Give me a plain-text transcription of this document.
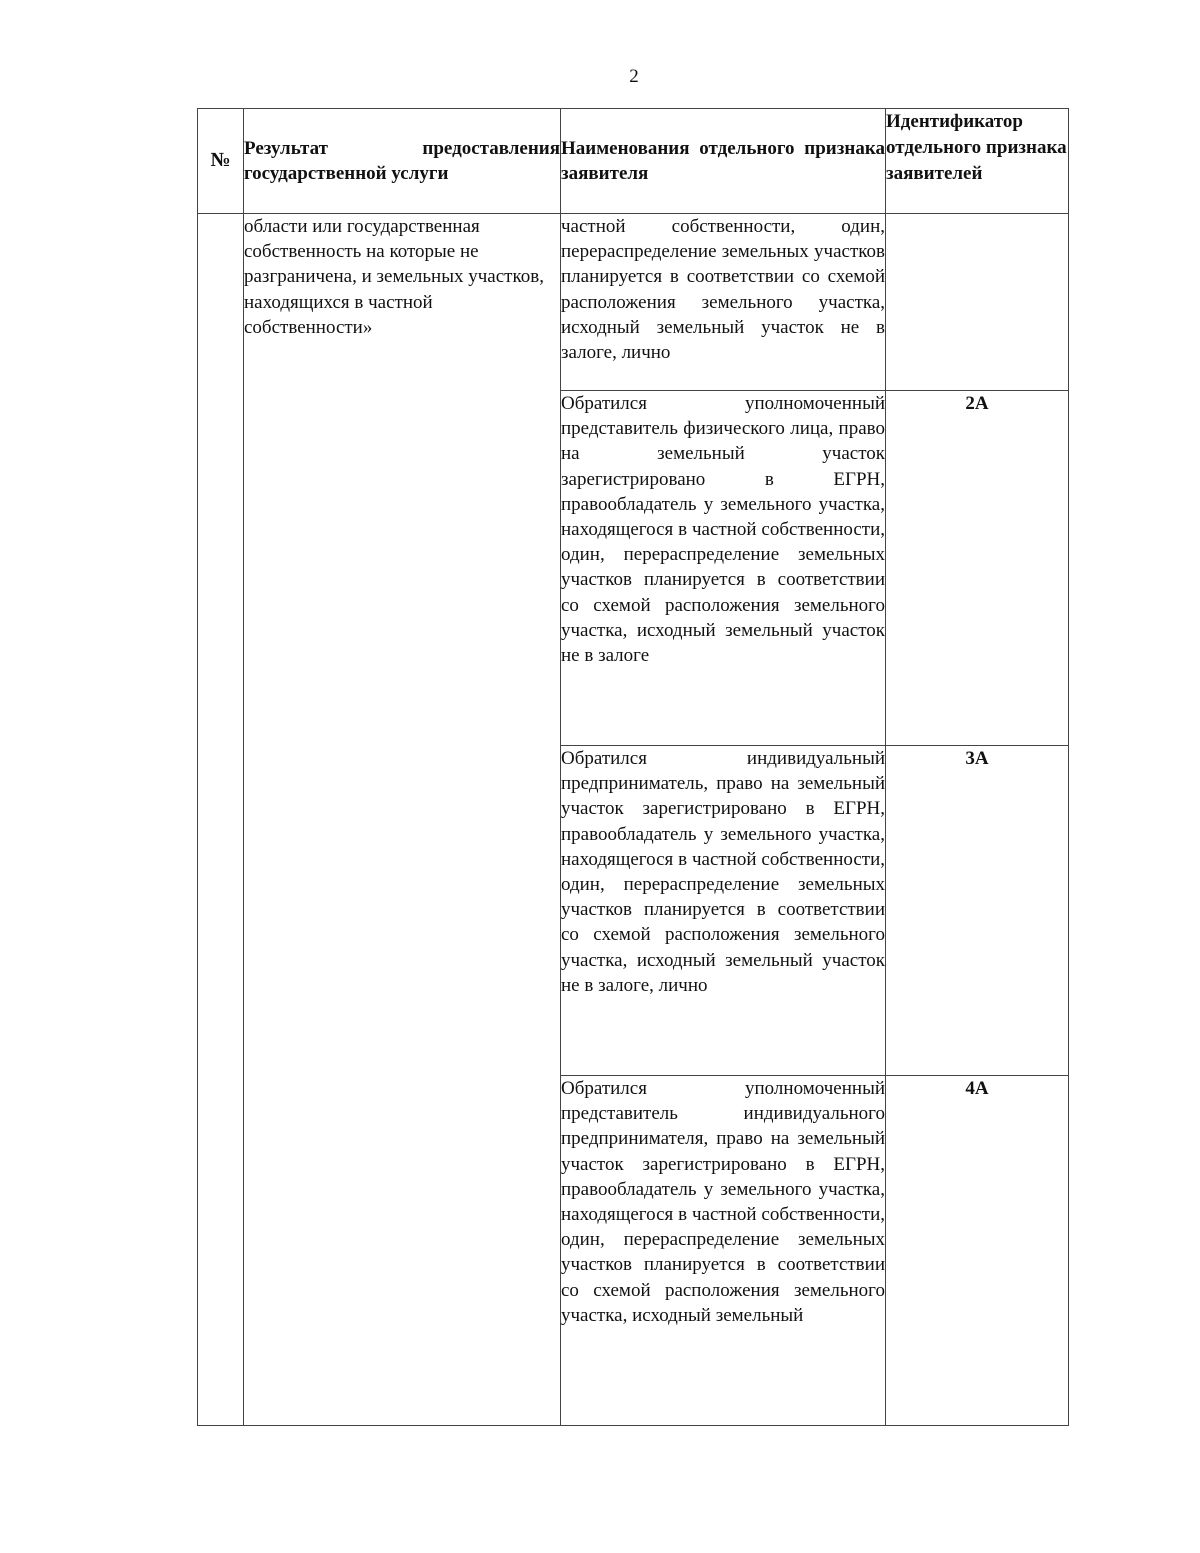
2
№	Результат предоставления государственной услуги	Наименования отдельного признака заявителя	Идентификатор отдельного признака заявителей

	области или государственная собственность на которые не разграничена, и земельных участков, находящихся в частной собственности»	частной собственности, один, перераспределение земельных участков планируется в соответствии со схемой расположения земельного участка, исходный земельный участок не в залоге, лично	

		Обратился уполномоченный представитель физического лица, право на земельный участок зарегистрировано в ЕГРН, правообладатель у земельного участка, находящегося в частной собственности, один, перераспределение земельных участков планируется в соответствии со схемой расположения земельного участка, исходный земельный участок не в залоге	2А

		Обратился индивидуальный предприниматель, право на земельный участок зарегистрировано в ЕГРН, правообладатель у земельного участка, находящегося в частной собственности, один, перераспределение земельных участков планируется в соответствии со схемой расположения земельного участка, исходный земельный участок не в залоге, лично	3А

		Обратился уполномоченный представитель индивидуального предпринимателя, право на земельный участок зарегистрировано в ЕГРН, правообладатель у земельного участка, находящегося в частной собственности, один, перераспределение земельных участков планируется в соответствии со схемой расположения земельного участка, исходный земельный	4А
